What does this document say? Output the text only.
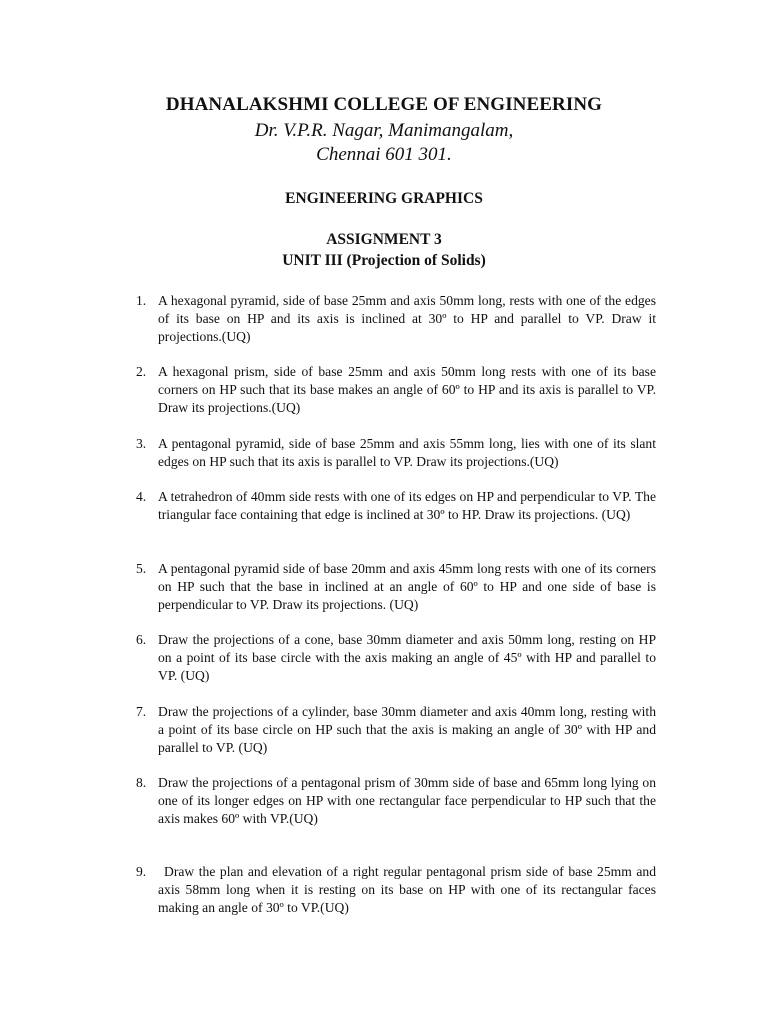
DHANALAKSHMI COLLEGE OF ENGINEERING
Dr. V.P.R. Nagar, Manimangalam,
Chennai 601 301.
ENGINEERING GRAPHICS
ASSIGNMENT 3
UNIT III (Projection of Solids)
1. A hexagonal pyramid, side of base 25mm and axis 50mm long, rests with one of the edges of its base on HP and its axis is inclined at 30º to HP and parallel to VP. Draw it projections.(UQ)
2. A hexagonal prism, side of base 25mm and axis 50mm long rests with one of its base corners on HP such that its base makes an angle of 60º to HP and its axis is parallel to VP. Draw its projections.(UQ)
3. A pentagonal pyramid, side of base 25mm and axis 55mm long, lies with one of its slant edges on HP such that its axis is parallel to VP. Draw its projections.(UQ)
4. A tetrahedron of 40mm side rests with one of its edges on HP and perpendicular to VP. The triangular face containing that edge is inclined at 30º to HP. Draw its projections. (UQ)
5. A pentagonal pyramid side of base 20mm and axis 45mm long rests with one of its corners on HP such that the base in inclined at an angle of 60º to HP and one side of base is perpendicular to VP. Draw its projections. (UQ)
6. Draw the projections of a cone, base 30mm diameter and axis 50mm long, resting on HP on a point of its base circle with the axis making an angle of 45º with HP and parallel to VP. (UQ)
7. Draw the projections of a cylinder, base 30mm diameter and axis 40mm long, resting with a point of its base circle on HP such that the axis is making an angle of 30º with HP and parallel to VP. (UQ)
8. Draw the projections of a pentagonal prism of 30mm side of base and 65mm long lying on one of its longer edges on HP with one rectangular face perpendicular to HP such that the axis makes 60º with VP.(UQ)
9.	Draw the plan and elevation of a right regular pentagonal prism side of base 25mm and axis 58mm long when it is resting on its base on HP with one of its rectangular faces making an angle of 30º to VP.(UQ)
